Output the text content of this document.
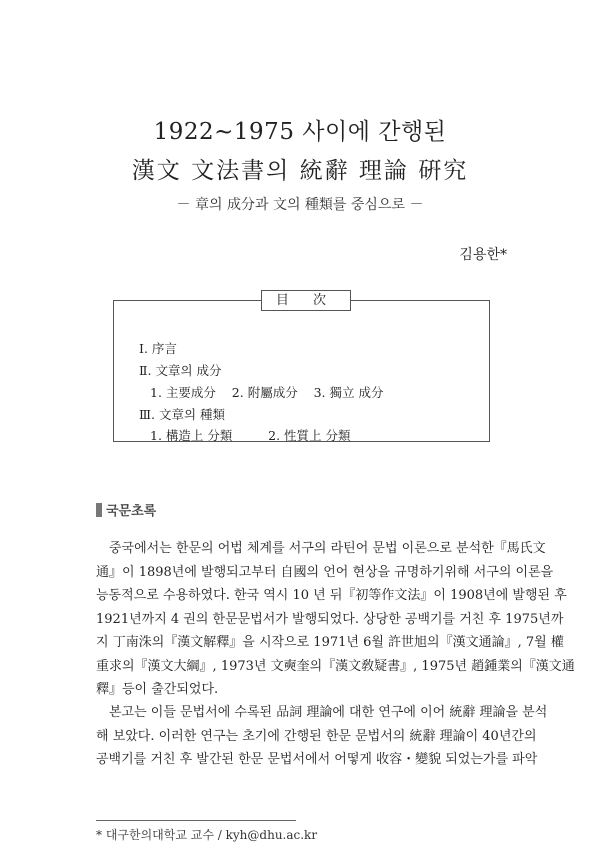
1922∼1975 사이에 간행된
漢文 文法書의 統辭 理論 硏究
－ 章의 成分과 文의 種類를 중심으로 －
김용한*
目 次
Ⅰ. 序言
Ⅱ. 文章의 成分
1. 主要成分    2. 附屬成分    3. 獨立 成分
Ⅲ. 文章의 種類
1. 構造上 分類         2. 性質上 分類
국문초록
중국에서는 한문의 어법 체계를 서구의 라틴어 문법 이론으로 분석한『馬氏文
通』이 1898년에 발행되고부터 自國의 언어 현상을 규명하기위해 서구의 이론을
능동적으로 수용하였다. 한국 역시 10 년 뒤『初等作文法』이 1908년에 발행된 후
1921년까지 4 권의 한문문법서가 발행되었다. 상당한 공백기를 거친 후 1975년까
지 丁南洙의『漢文解釋』을 시작으로 1971년 6월 許世旭의『漢文通論』, 7월 權
重求의『漢文大綱』, 1973년 文奭奎의『漢文敎疑書』, 1975년 趙鍾業의『漢文通
釋』등이 출간되었다.
본고는 이들 문법서에 수록된 品詞 理論에 대한 연구에 이어 統辭 理論을 분석
해 보았다. 이러한 연구는 초기에 간행된 한문 문법서의 統辭 理論이 40년간의
공백기를 거친 후 발간된 한문 문법서에서 어떻게 收容・變貌 되었는가를 파악
* 대구한의대학교 교수 / kyh@dhu.ac.kr
